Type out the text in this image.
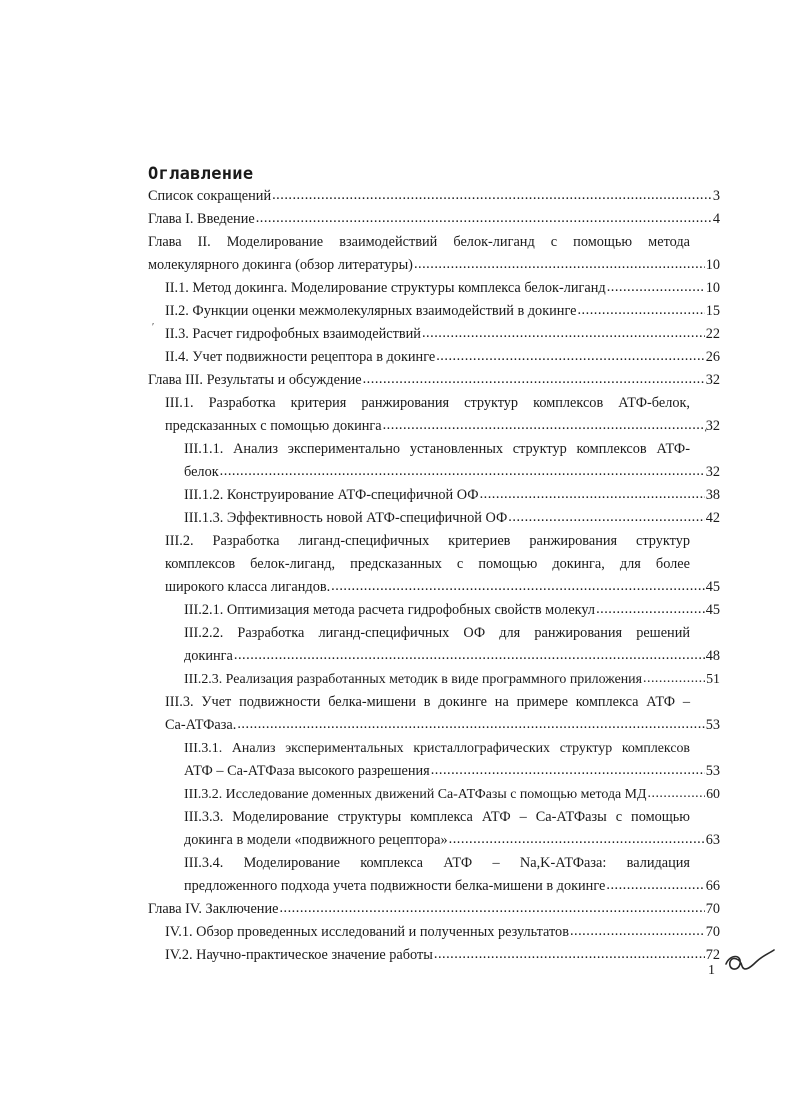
Оглавление
Список сокращений .....	3
Глава I. Введение .....	4
Глава II. Моделирование взаимодействий белок-лиганд с помощью метода
молекулярного докинга (обзор литературы) .....	10
II.1. Метод докинга. Моделирование структуры комплекса белок-лиганд .....	10
II.2. Функции оценки межмолекулярных взаимодействий в докинге .....	15
II.3. Расчет гидрофобных взаимодействий .....	22
II.4. Учет подвижности рецептора в докинге .....	26
Глава III. Результаты и обсуждение .....	32
III.1. Разработка критерия ранжирования структур комплексов АТФ-белок,
предсказанных с помощью докинга .....	32
III.1.1. Анализ экспериментально установленных структур комплексов АТФ-
белок .....	32
III.1.2. Конструирование АТФ-специфичной ОФ .....	38
III.1.3. Эффективность новой АТФ-специфичной ОФ .....	42
III.2. Разработка лиганд-специфичных критериев ранжирования структур
комплексов белок-лиганд, предсказанных с помощью докинга, для более
широкого класса лигандов. .....	45
III.2.1. Оптимизация метода расчета гидрофобных свойств молекул .....	45
III.2.2. Разработка лиганд-специфичных ОФ для ранжирования решений
докинга .....	48
III.2.3. Реализация разработанных методик в виде программного приложения .....	51
III.3. Учет подвижности белка-мишени в докинге на примере комплекса АТФ –
Ca-АТФаза. .....	53
III.3.1. Анализ экспериментальных кристаллографических структур комплексов
АТФ – Ca-АТФаза высокого разрешения .....	53
III.3.2. Исследование доменных движений Ca-АТФазы с помощью метода МД .....	60
III.3.3. Моделирование структуры комплекса АТФ – Ca-АТФазы с помощью
докинга в модели «подвижного рецептора» .....	63
III.3.4. Моделирование комплекса АТФ – Na,K-АТФаза: валидация
предложенного подхода учета подвижности белка-мишени в докинге .....	66
Глава IV. Заключение .....	70
IV.1. Обзор проведенных исследований и полученных результатов .....	70
IV.2. Научно-практическое значение работы .....	72
ʹ
ʻ
1
